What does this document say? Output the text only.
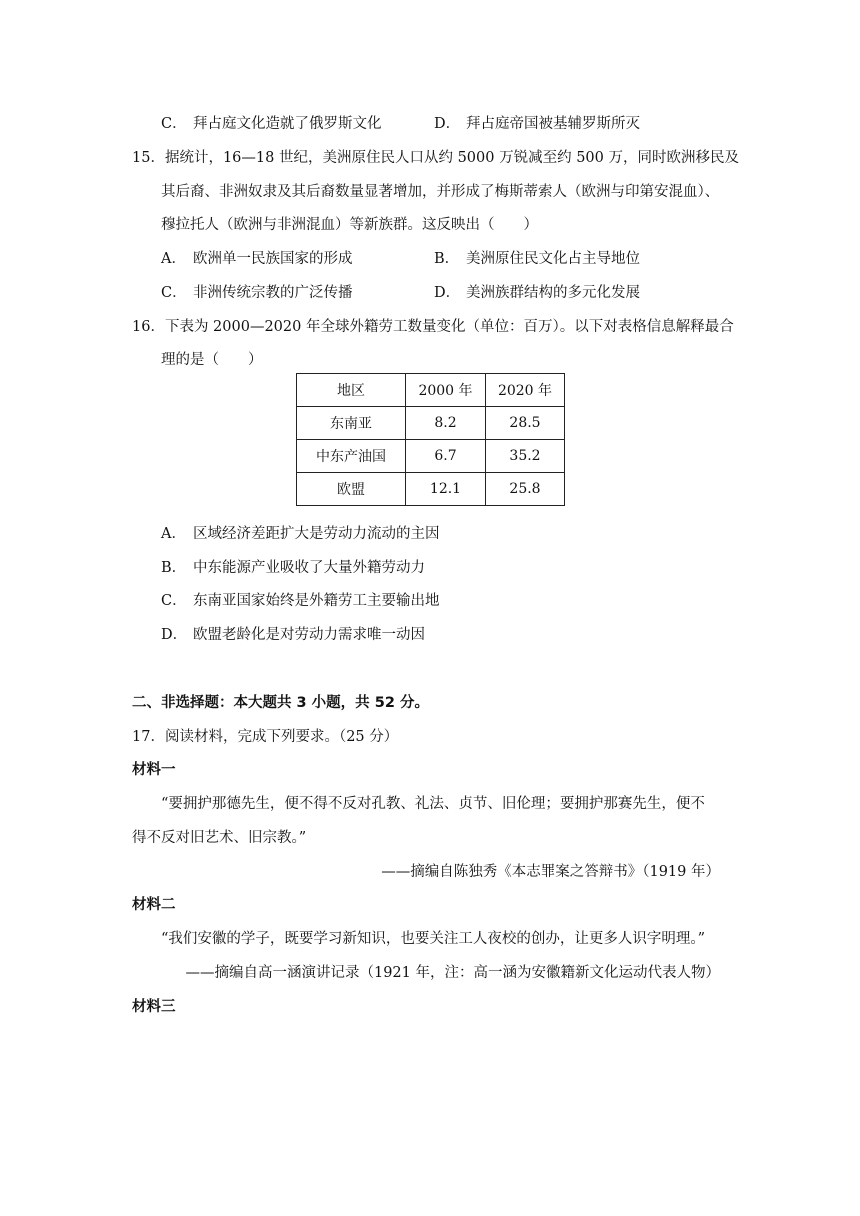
C． 拜占庭文化造就了俄罗斯文化	D． 拜占庭帝国被基辅罗斯所灭
15．据统计，16—18 世纪，美洲原住民人口从约 5000 万锐减至约 500 万，同时欧洲移民及
其后裔、非洲奴隶及其后裔数量显著增加，并形成了梅斯蒂索人（欧洲与印第安混血）、
穆拉托人（欧洲与非洲混血）等新族群。这反映出（　　）
A． 欧洲单一民族国家的形成	B． 美洲原住民文化占主导地位
C． 非洲传统宗教的广泛传播	D． 美洲族群结构的多元化发展
16．下表为 2000—2020 年全球外籍劳工数量变化（单位：百万）。以下对表格信息解释最合
理的是（　　）
地区	2000 年	2020 年
东南亚	8.2	28.5
中东产油国	6.7	35.2
欧盟	12.1	25.8
A． 区域经济差距扩大是劳动力流动的主因
B． 中东能源产业吸收了大量外籍劳动力
C． 东南亚国家始终是外籍劳工主要输出地
D． 欧盟老龄化是对劳动力需求唯一动因
二、非选择题：本大题共 3 小题，共 52 分。
17．阅读材料，完成下列要求。（25 分）
材料一
“要拥护那德先生，便不得不反对孔教、礼法、贞节、旧伦理；要拥护那赛先生，便不
得不反对旧艺术、旧宗教。”
——摘编自陈独秀《本志罪案之答辩书》（1919 年）
材料二
“我们安徽的学子，既要学习新知识，也要关注工人夜校的创办，让更多人识字明理。”
——摘编自高一涵演讲记录（1921 年，注：高一涵为安徽籍新文化运动代表人物）
材料三
